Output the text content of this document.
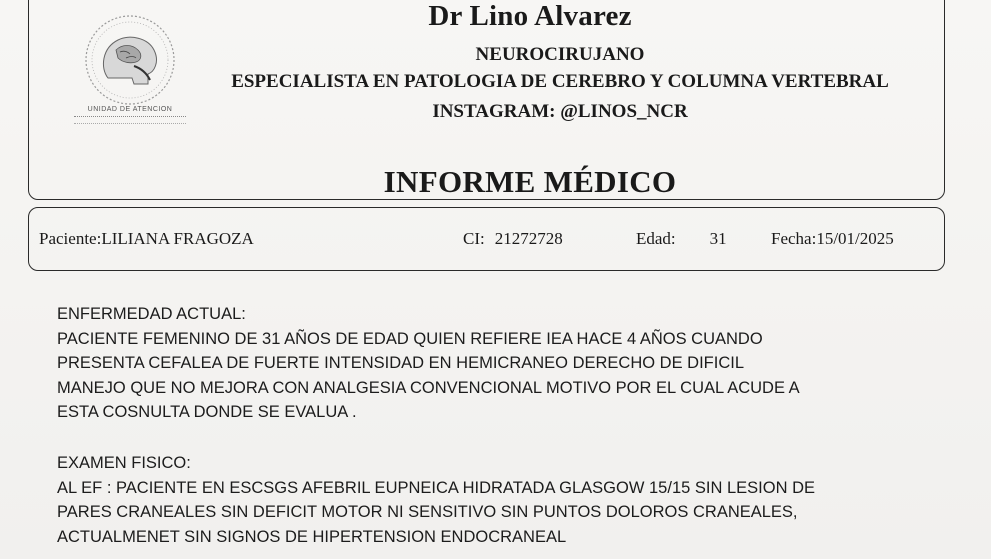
UNIDAD DE ATENCION
Dr Lino Alvarez
NEUROCIRUJANO
ESPECIALISTA EN PATOLOGIA DE CEREBRO Y COLUMNA VERTEBRAL
INSTAGRAM: @LINOS_NCR
INFORME MÉDICO
Paciente:LILIANA FRAGOZA	CI: 21272728	Edad: 31	Fecha:15/01/2025
ENFERMEDAD ACTUAL:
PACIENTE FEMENINO DE 31 AÑOS DE EDAD QUIEN REFIERE IEA HACE 4 AÑOS CUANDO
PRESENTA CEFALEA DE FUERTE INTENSIDAD EN HEMICRANEO DERECHO DE DIFICIL
MANEJO QUE NO MEJORA CON ANALGESIA CONVENCIONAL MOTIVO POR EL CUAL ACUDE A
ESTA COSNULTA DONDE SE EVALUA .
EXAMEN FISICO:
AL EF : PACIENTE EN ESCSGS AFEBRIL EUPNEICA HIDRATADA GLASGOW 15/15 SIN LESION DE
PARES CRANEALES SIN DEFICIT MOTOR NI SENSITIVO SIN PUNTOS DOLOROS CRANEALES,
ACTUALMENET SIN SIGNOS DE HIPERTENSION ENDOCRANEAL
